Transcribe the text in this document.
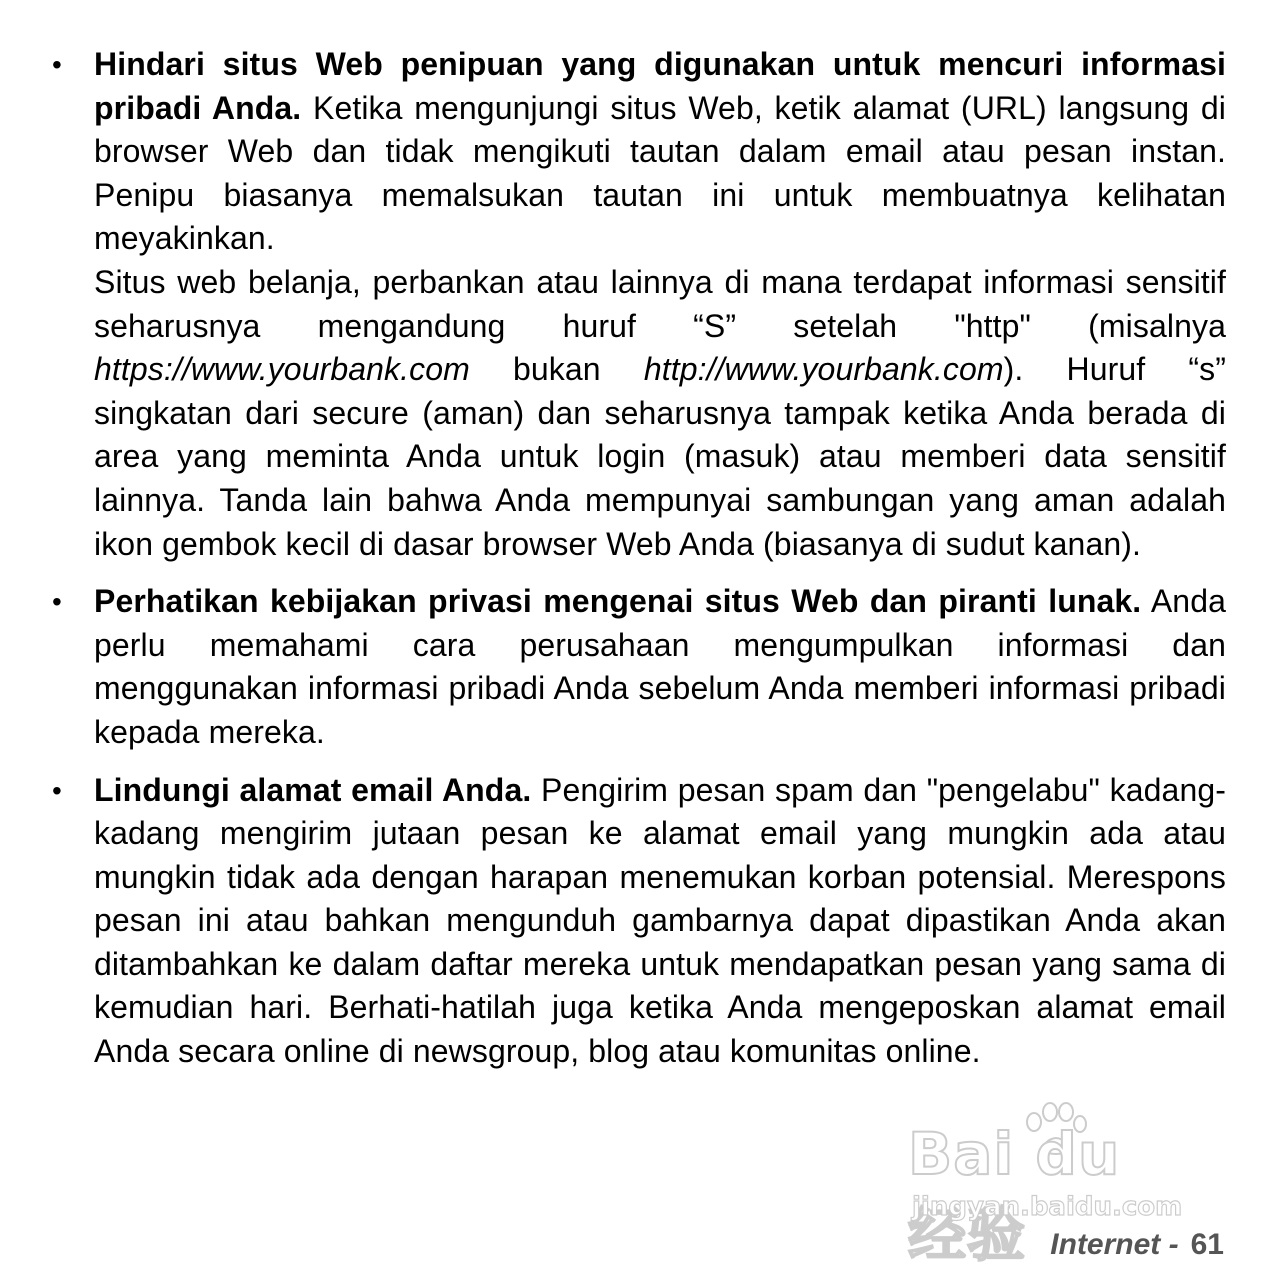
•	Hindari situs Web penipuan yang digunakan untuk mencuri informasi pribadi Anda. Ketika mengunjungi situs Web, ketik alamat (URL) langsung di browser Web dan tidak mengikuti tautan dalam email atau pesan instan. Penipu biasanya memalsukan tautan ini untuk membuatnya kelihatan meyakinkan.

Situs web belanja, perbankan atau lainnya di mana terdapat informasi sensitif seharusnya mengandung huruf “S” setelah "http" (misalnya https://www.yourbank.com bukan http://www.yourbank.com). Huruf “s” singkatan dari secure (aman) dan seharusnya tampak ketika Anda berada di area yang meminta Anda untuk login (masuk) atau memberi data sensitif lainnya. Tanda lain bahwa Anda mempunyai sambungan yang aman adalah ikon gembok kecil di dasar browser Web Anda (biasanya di sudut kanan).

•	Perhatikan kebijakan privasi mengenai situs Web dan piranti lunak. Anda perlu memahami cara perusahaan mengumpulkan informasi dan menggunakan informasi pribadi Anda sebelum Anda memberi informasi pribadi kepada mereka.

•	Lindungi alamat email Anda. Pengirim pesan spam dan "pengelabu" kadang-kadang mengirim jutaan pesan ke alamat email yang mungkin ada atau mungkin tidak ada dengan harapan menemukan korban potensial. Merespons pesan ini atau bahkan mengunduh gambarnya dapat dipastikan Anda akan ditambahkan ke dalam daftar mereka untuk mendapatkan pesan yang sama di kemudian hari. Berhati-hatilah juga ketika Anda mengeposkan alamat email Anda secara online di newsgroup, blog atau komunitas online.

Bai du 经验
jingyan.baidu.com
Internet - 61
